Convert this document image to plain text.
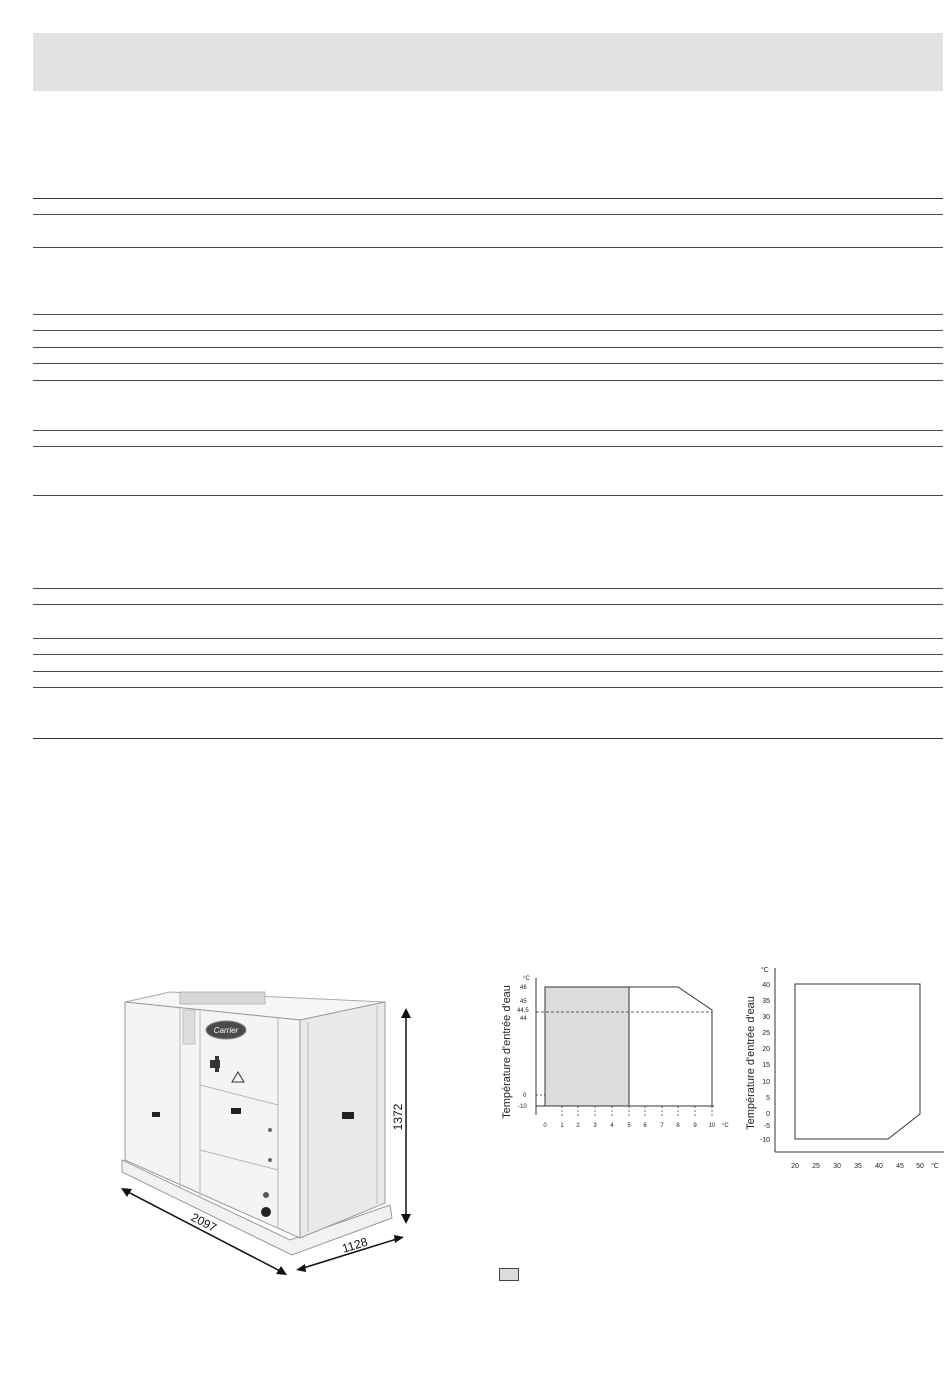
Carrier
1372
2097
1128
°C
46
45
44,5
44
0
-10
0 1 2 3 4 5 6 7 8 9 10 °C
Température d'entrée d'eau
°C
40
35
30
25
20
15
10
5
0
-5
-10
20 25 30 35 40 45 50 °C
Température d'entrée d'eau
